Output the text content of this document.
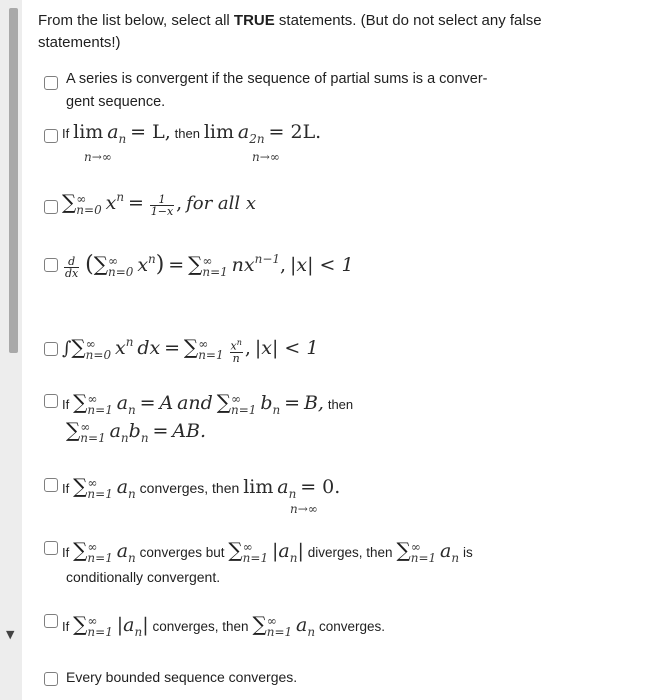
▼
From the list below, select all TRUE statements. (But do not select any false statements!)
A series is convergent if the sequence of partial sums is a conver-
gent sequence.
If lim an = L, then lim a2n = 2L.
n→∞	n→∞
∑ ∞
n=0 xn = $\frac{1}{1-x}$ , for all x
$\frac{d}{dx}$ (∑ ∞
n=0 xn) = ∑ ∞
n=1 nxn−1, |x| < 1
∫∑ ∞
n=0 xn dx = ∑ ∞
n=1
$\frac{x^n}{n}$ , |x| < 1
If ∑ ∞
n=1 an = A and ∑ ∞
n=1 bn = B, then
∑ ∞
n=1 anbn = AB.
If ∑ ∞
n=1 an converges, then lim an = 0.
n→∞
If ∑ ∞
n=1 an converges but ∑ ∞
n=1 |an| diverges, then ∑ ∞
n=1 an is
conditionally convergent.
If ∑ ∞
n=1 |an| converges, then ∑ ∞
n=1 an converges.
Every bounded sequence converges.
